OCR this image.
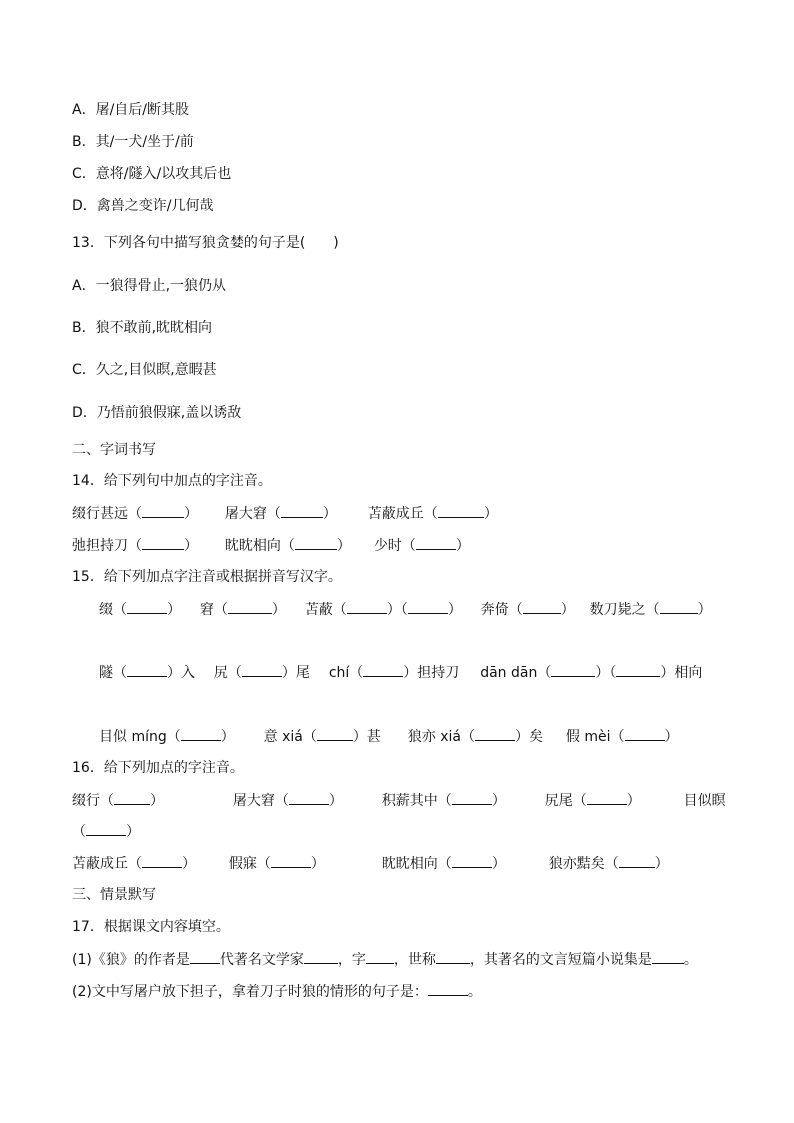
A．屠/自后/断其股
B．其/一犬/坐于/前
C．意将/隧入/以攻其后也
D．禽兽之变诈/几何哉
13．下列各句中描写狼贪婪的句子是(　　)
A．一狼得骨止,一狼仍从
B．狼不敢前,眈眈相向
C．久之,目似瞑,意暇甚
D．乃悟前狼假寐,盖以诱敌
二、字词书写
14．给下列句中加点的字注音。
缀行甚远（	） 屠大窘（	） 苫蔽成丘（	）
弛担持刀（	） 眈眈相向（	） 少时（	）
15．给下列加点字注音或根据拼音写汉字。
缀（	） 窘（	） 苫蔽（	）（	） 奔倚（	） 数刀毙之（	）
隧（	）入 尻（	）尾 chí（	）担持刀 dān dān（	）（	）相向
目似 míng（	） 意 xiá（	）甚 狼亦 xiá（	）矣 假 mèi（	）
16．给下列加点的字注音。
缀行（	）	屠大窘（	）	积薪其中（	）	尻尾（	）	目似瞑
（	）
苫蔽成丘（	） 假寐（	）	眈眈相向（	）	狼亦黠矣（	）
三、情景默写
17．根据课文内容填空。
(1)《狼》的作者是 代著名文学家 ，字 ，世称 ，其著名的文言短篇小说集是 。
(2)文中写屠户放下担子，拿着刀子时狼的情形的句子是：	。
